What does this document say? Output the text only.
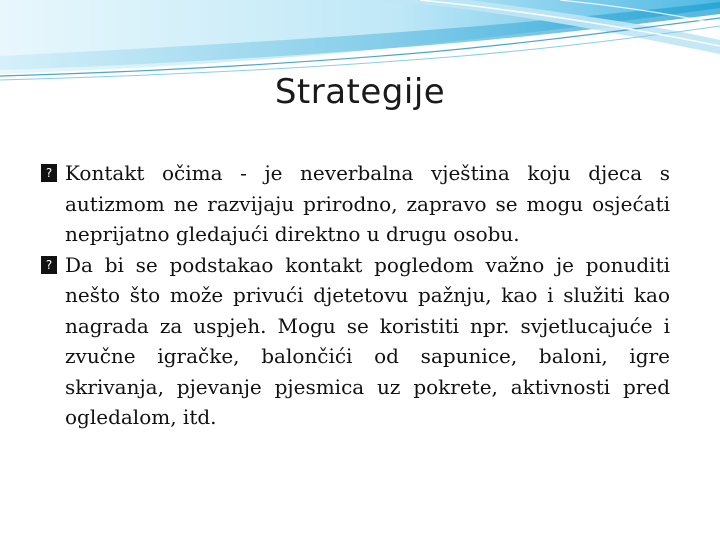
Strategije

? Kontakt očima - je neverbalna vještina koju djeca s autizmom ne razvijaju prirodno, zapravo se mogu osjećati neprijatno gledajući direktno u drugu osobu.

? Da bi se podstakao kontakt pogledom važno je ponuditi nešto što može privući djetetovu pažnju, kao i služiti kao nagrada za uspjeh. Mogu se koristiti npr. svjetlucajuće i zvučne igračke, balončići od sapunice, baloni, igre skrivanja, pjevanje pjesmica uz pokrete, aktivnosti pred ogledalom, itd.
